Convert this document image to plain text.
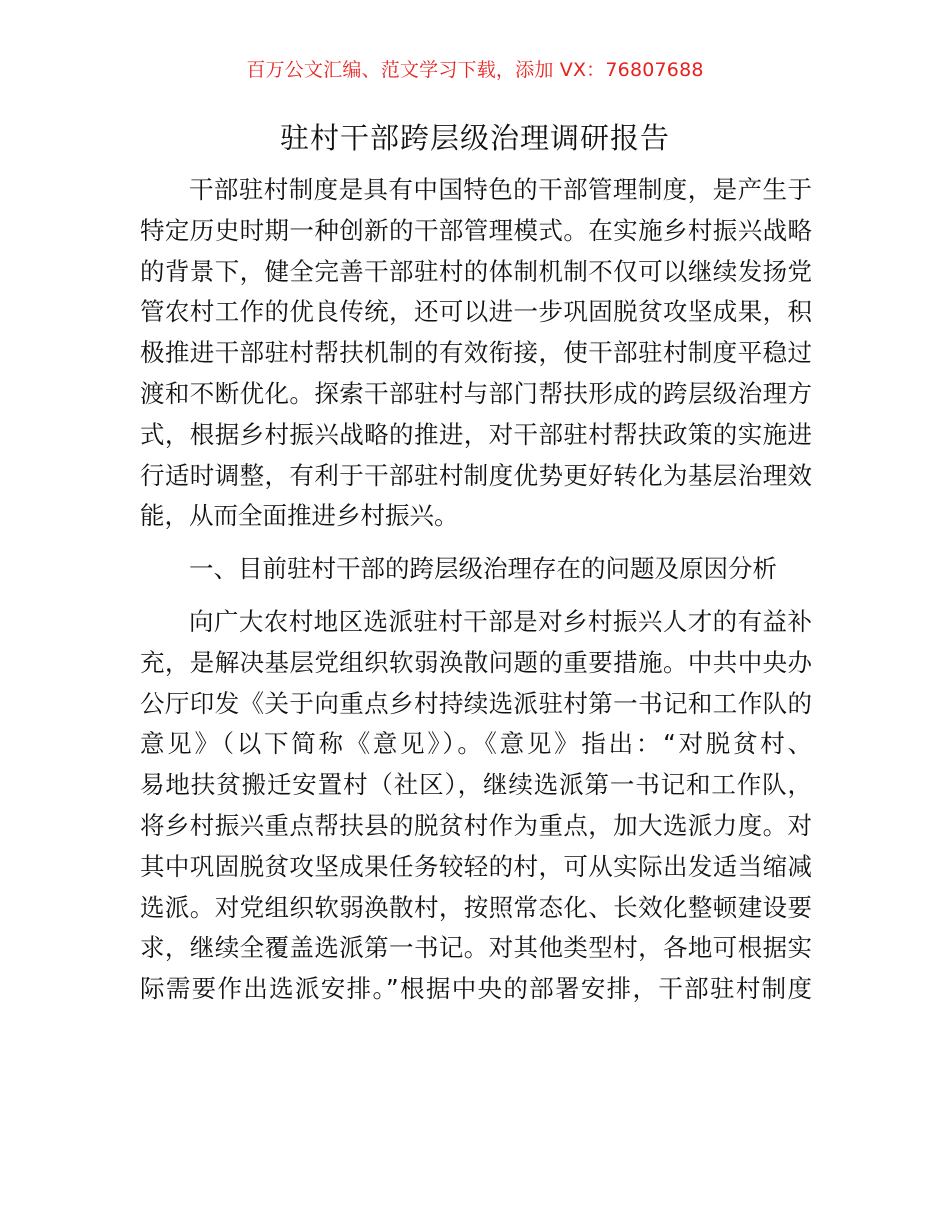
百万公文汇编、范文学习下载，添加 VX：76807688
驻村干部跨层级治理调研报告
干部驻村制度是具有中国特色的干部管理制度，是产生于
特定历史时期一种创新的干部管理模式。在实施乡村振兴战略
的背景下，健全完善干部驻村的体制机制不仅可以继续发扬党
管农村工作的优良传统，还可以进一步巩固脱贫攻坚成果，积
极推进干部驻村帮扶机制的有效衔接，使干部驻村制度平稳过
渡和不断优化。探索干部驻村与部门帮扶形成的跨层级治理方
式，根据乡村振兴战略的推进，对干部驻村帮扶政策的实施进
行适时调整，有利于干部驻村制度优势更好转化为基层治理效
能，从而全面推进乡村振兴。
一、目前驻村干部的跨层级治理存在的问题及原因分析
向广大农村地区选派驻村干部是对乡村振兴人才的有益补
充，是解决基层党组织软弱涣散问题的重要措施。中共中央办
公厅印发《关于向重点乡村持续选派驻村第一书记和工作队的
意见》（以下简称《意见》）。《意见》指出：“对脱贫村、
易地扶贫搬迁安置村（社区），继续选派第一书记和工作队，
将乡村振兴重点帮扶县的脱贫村作为重点，加大选派力度。对
其中巩固脱贫攻坚成果任务较轻的村，可从实际出发适当缩减
选派。对党组织软弱涣散村，按照常态化、长效化整顿建设要
求，继续全覆盖选派第一书记。对其他类型村，各地可根据实
际需要作出选派安排。”根据中央的部署安排，干部驻村制度
